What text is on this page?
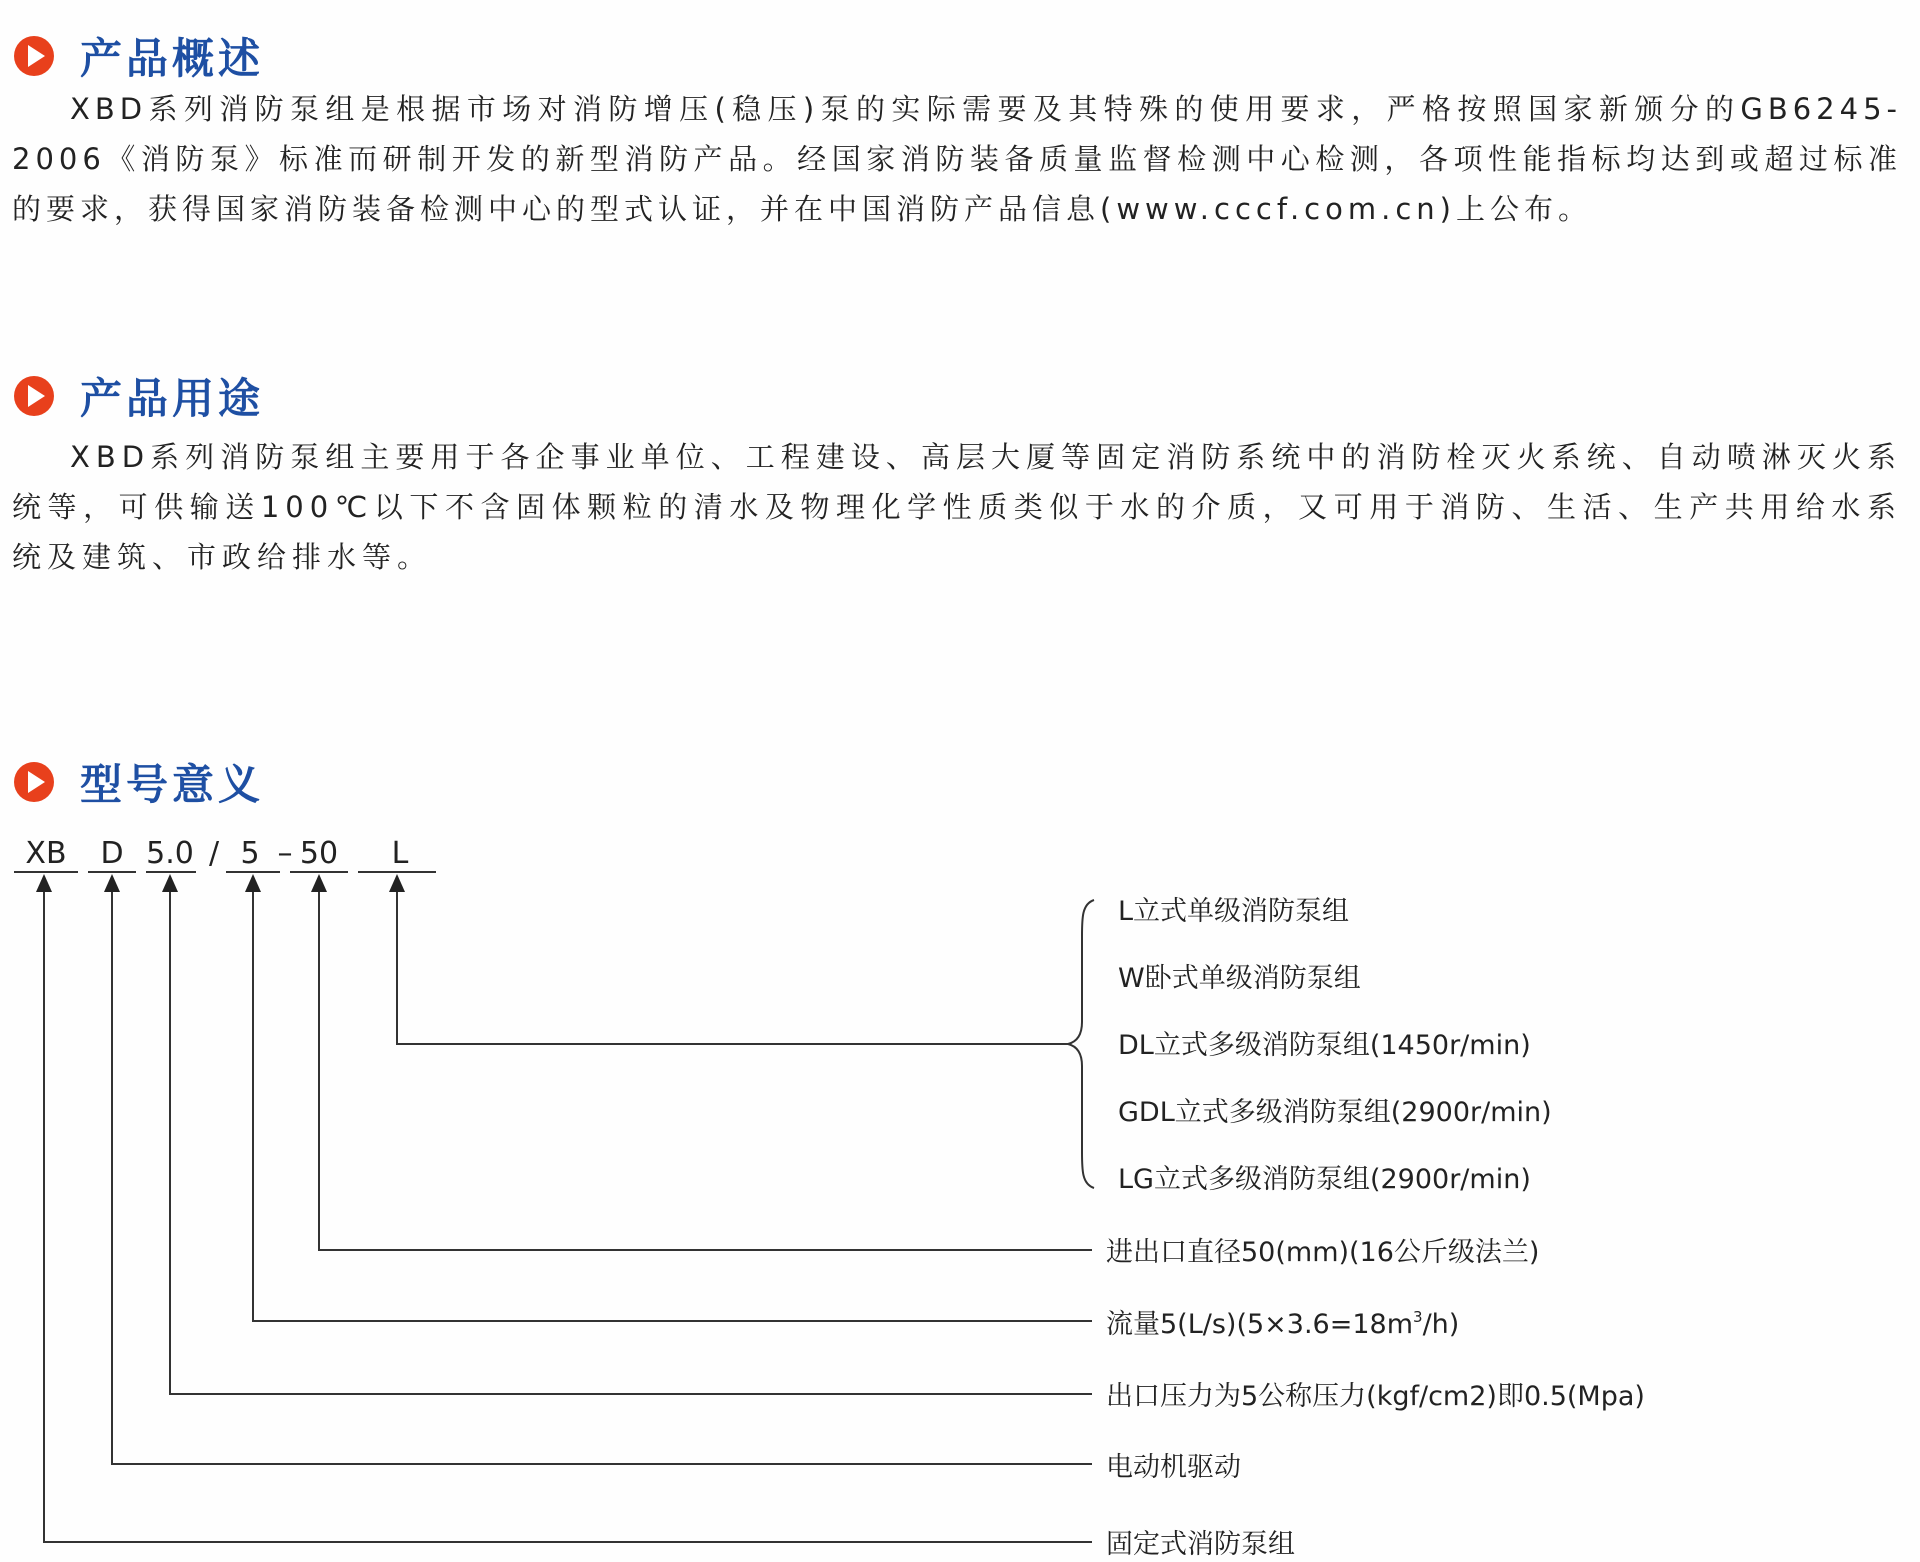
产品概述

XBD系列消防泵组是根据市场对消防增压(稳压)泵的实际需要及其特殊的使用要求，严格按照国家新颁分的GB6245-2006《消防泵》标准而研制开发的新型消防产品。经国家消防装备质量监督检测中心检测，各项性能指标均达到或超过标准的要求，获得国家消防装备检测中心的型式认证，并在中国消防产品信息(www.cccf.com.cn)上公布。

产品用途

XBD系列消防泵组主要用于各企事业单位、工程建设、高层大厦等固定消防系统中的消防栓灭火系统、自动喷淋灭火系统等，可供输送100℃以下不含固体颗粒的清水及物理化学性质类似于水的介质，又可用于消防、生活、生产共用给水系统及建筑、市政给排水等。

型号意义
XB D 5.0 / 5 – 50 L
L立式单级消防泵组
W卧式单级消防泵组
DL立式多级消防泵组(1450r/min)
GDL立式多级消防泵组(2900r/min)
LG立式多级消防泵组(2900r/min)
进出口直径50(mm)(16公斤级法兰)
流量$5(L/s)(5\times 3.6=18m^3/h)$
出口压力为5公称压力(kgf/cm2)即0.5(Mpa)
电动机驱动
固定式消防泵组
